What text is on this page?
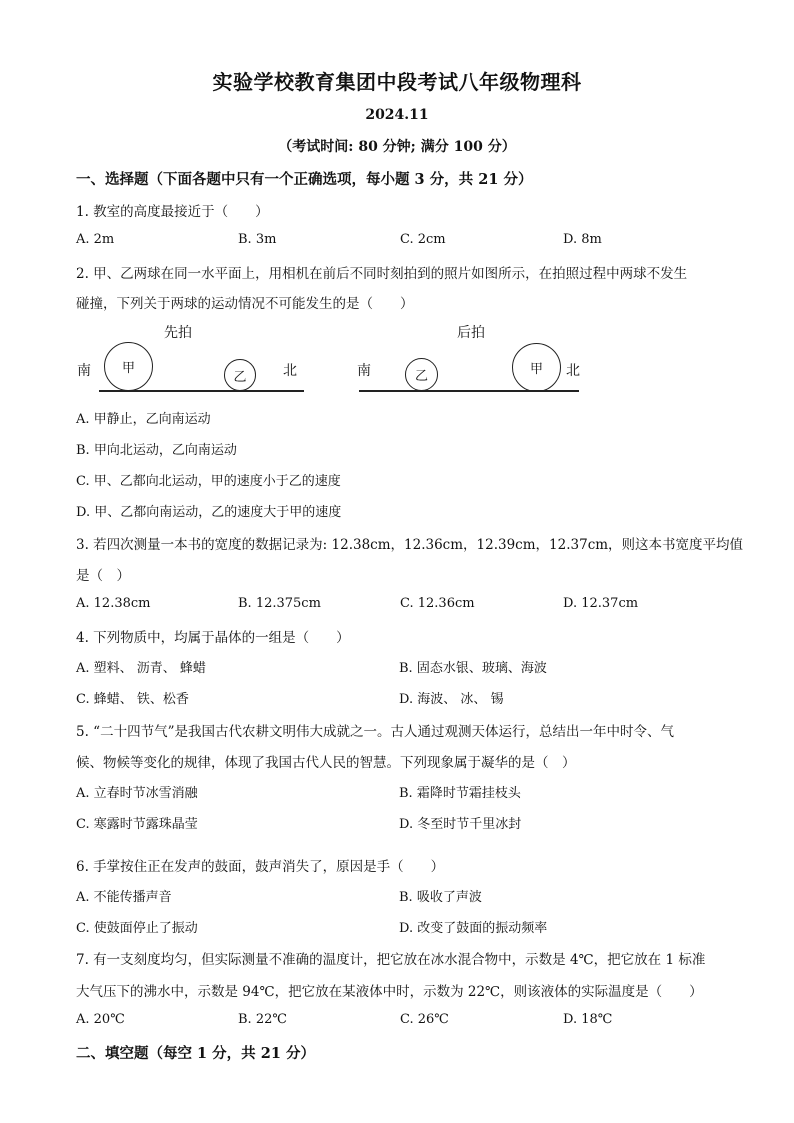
实验学校教育集团中段考试八年级物理科
2024.11
（考试时间: 80 分钟; 满分 100 分）
一、选择题（下面各题中只有一个正确选项，每小题 3 分，共 21 分）
1. 教室的高度最接近于（　　）
A. 2m	B. 3m	C. 2cm	D. 8m
2. 甲、乙两球在同一水平面上，用相机在前后不同时刻拍到的照片如图所示，在拍照过程中两球不发生
碰撞，下列关于两球的运动情况不可能发生的是（　　）
先拍
南	北
甲
乙
后拍
南	北
乙	甲
A. 甲静止，乙向南运动
B. 甲向北运动，乙向南运动
C. 甲、乙都向北运动，甲的速度小于乙的速度
D. 甲、乙都向南运动，乙的速度大于甲的速度
3. 若四次测量一本书的宽度的数据记录为: 12.38cm，12.36cm，12.39cm，12.37cm，则这本书宽度平均值
是（　）
A. 12.38cm	B. 12.375cm	C. 12.36cm	D. 12.37cm
4. 下列物质中，均属于晶体的一组是（　　）
A. 塑料、 沥青、 蜂蜡	B. 固态水银、玻璃、海波
C. 蜂蜡、 铁、松香	D. 海波、 冰、 锡
5. “二十四节气”是我国古代农耕文明伟大成就之一。古人通过观测天体运行，总结出一年中时令、气
候、物候等变化的规律，体现了我国古代人民的智慧。下列现象属于凝华的是（　）
A. 立春时节冰雪消融	B. 霜降时节霜挂枝头
C. 寒露时节露珠晶莹	D. 冬至时节千里冰封
6. 手掌按住正在发声的鼓面，鼓声消失了，原因是手（　　）
A. 不能传播声音	B. 吸收了声波
C. 使鼓面停止了振动	D. 改变了鼓面的振动频率
7. 有一支刻度均匀，但实际测量不准确的温度计，把它放在冰水混合物中，示数是 4℃，把它放在 1 标准
大气压下的沸水中，示数是 94℃，把它放在某液体中时，示数为 22℃，则该液体的实际温度是（　　）
A. 20℃	B. 22℃	C. 26℃	D. 18℃
二、填空题（每空 1 分，共 21 分）
